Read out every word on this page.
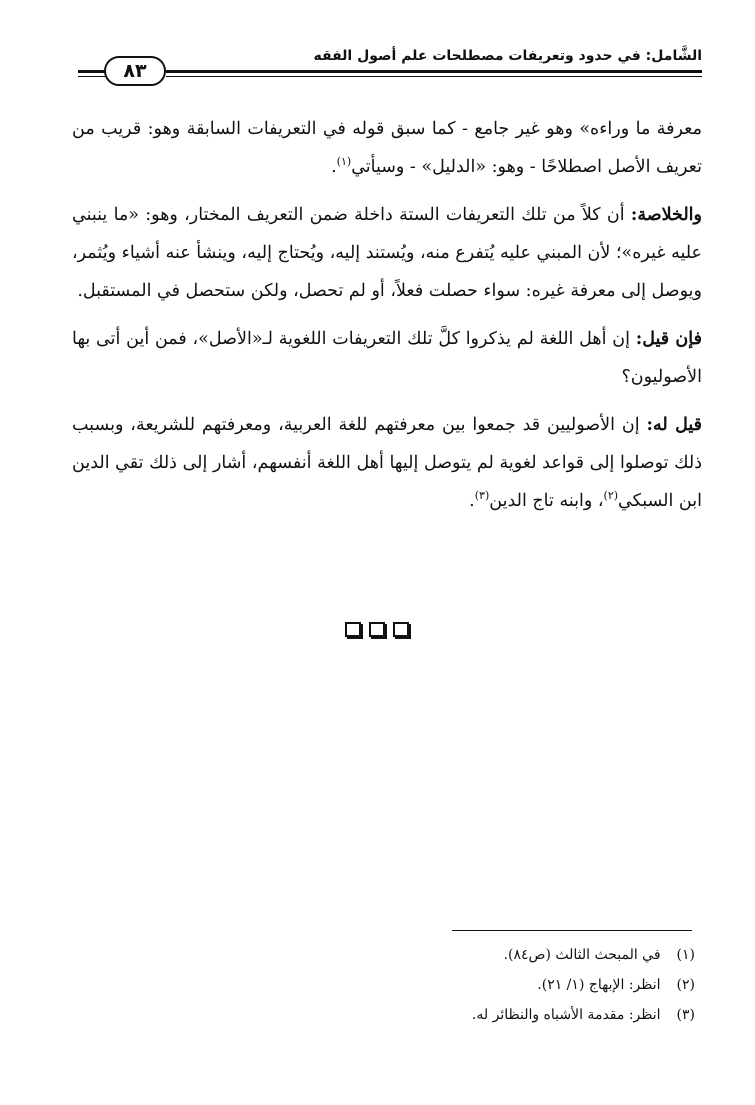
الشَّامل: في حدود وتعريفات مصطلحات علم أصول الفقه
٨٣

معرفة ما وراءه» وهو غير جامع - كما سبق قوله في التعريفات السابقة وهو: قريب من تعريف الأصل اصطلاحًا - وهو: «الدليل» - وسيأتي$^{(١)}$.

والخلاصة: أن كلاً من تلك التعريفات الستة داخلة ضمن التعريف المختار، وهو: «ما ينبني عليه غيره»؛ لأن المبني عليه يُتفرع منه، ويُستند إليه، ويُحتاج إليه، وينشأ عنه أشياء ويُثمر، ويوصل إلى معرفة غيره: سواء حصلت فعلاً، أو لم تحصل، ولكن ستحصل في المستقبل.

فإن قيل: إن أهل اللغة لم يذكروا كلَّ تلك التعريفات اللغوية لـ«الأصل»، فمن أين أتى بها الأصوليون؟

قيل له: إن الأصوليين قد جمعوا بين معرفتهم للغة العربية، ومعرفتهم للشريعة، وبسبب ذلك توصلوا إلى قواعد لغوية لم يتوصل إليها أهل اللغة أنفسهم، أشار إلى ذلك تقي الدين ابن السبكي$^{(٢)}$، وابنه تاج الدين$^{(٣)}$.

(١) في المبحث الثالث (ص٨٤).
(٢) انظر: الإبهاج (١/ ٢١).
(٣) انظر: مقدمة الأشباه والنظائر له.
